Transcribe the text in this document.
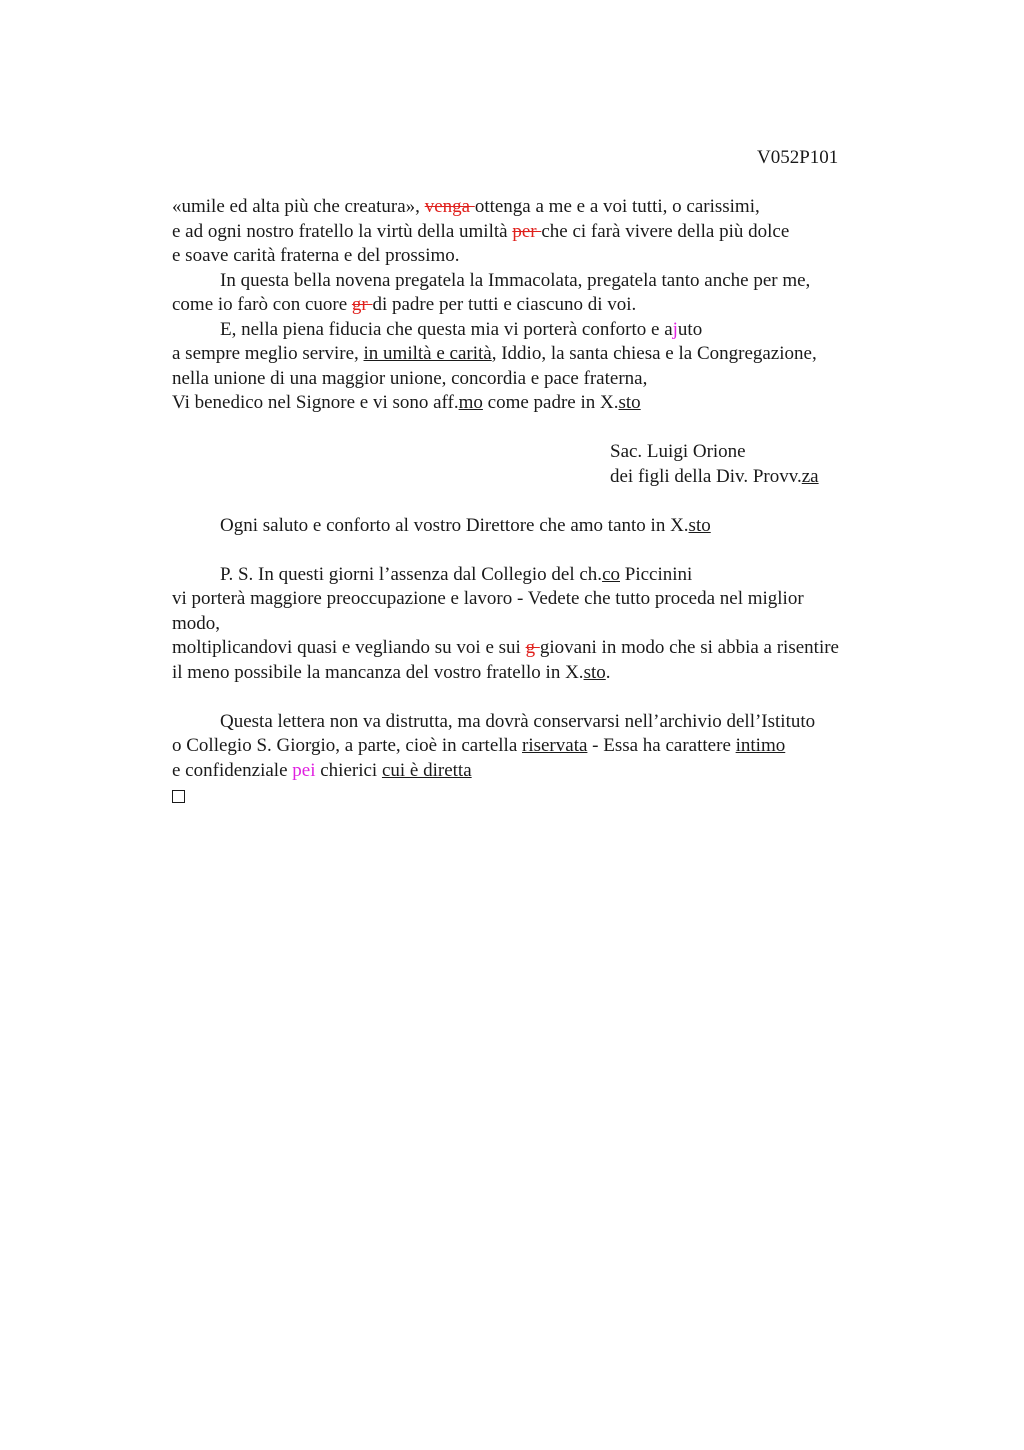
V052P101
«umile ed alta più che creatura», venga ottenga a me e a voi tutti, o carissimi,
e ad ogni nostro fratello la virtù della umiltà per che ci farà vivere della più dolce
e soave carità fraterna e del prossimo.
In questa bella novena pregatela la Immacolata, pregatela tanto anche per me,
come io farò con cuore gr di padre per tutti e ciascuno di voi.
E, nella piena fiducia che questa mia vi porterà conforto e ajuto
a sempre meglio servire, in umiltà e carità, Iddio, la santa chiesa e la Congregazione,
nella unione di una maggior unione, concordia e pace fraterna,
Vi benedico nel Signore e vi sono aff.mo come padre in X.sto
Sac. Luigi Orione
dei figli della Div. Provv.za
Ogni saluto e conforto al vostro Direttore che amo tanto in X.sto
P. S. In questi giorni l’assenza dal Collegio del ch.co Piccinini
vi porterà maggiore preoccupazione e lavoro - Vedete che tutto proceda nel miglior
modo,
moltiplicandovi quasi e vegliando su voi e sui g giovani in modo che si abbia a risentire
il meno possibile la mancanza del vostro fratello in X.sto.
Questa lettera non va distrutta, ma dovrà conservarsi nell’archivio dell’Istituto
o Collegio S. Giorgio, a parte, cioè in cartella riservata - Essa ha carattere intimo
e confidenziale pei chierici cui è diretta
